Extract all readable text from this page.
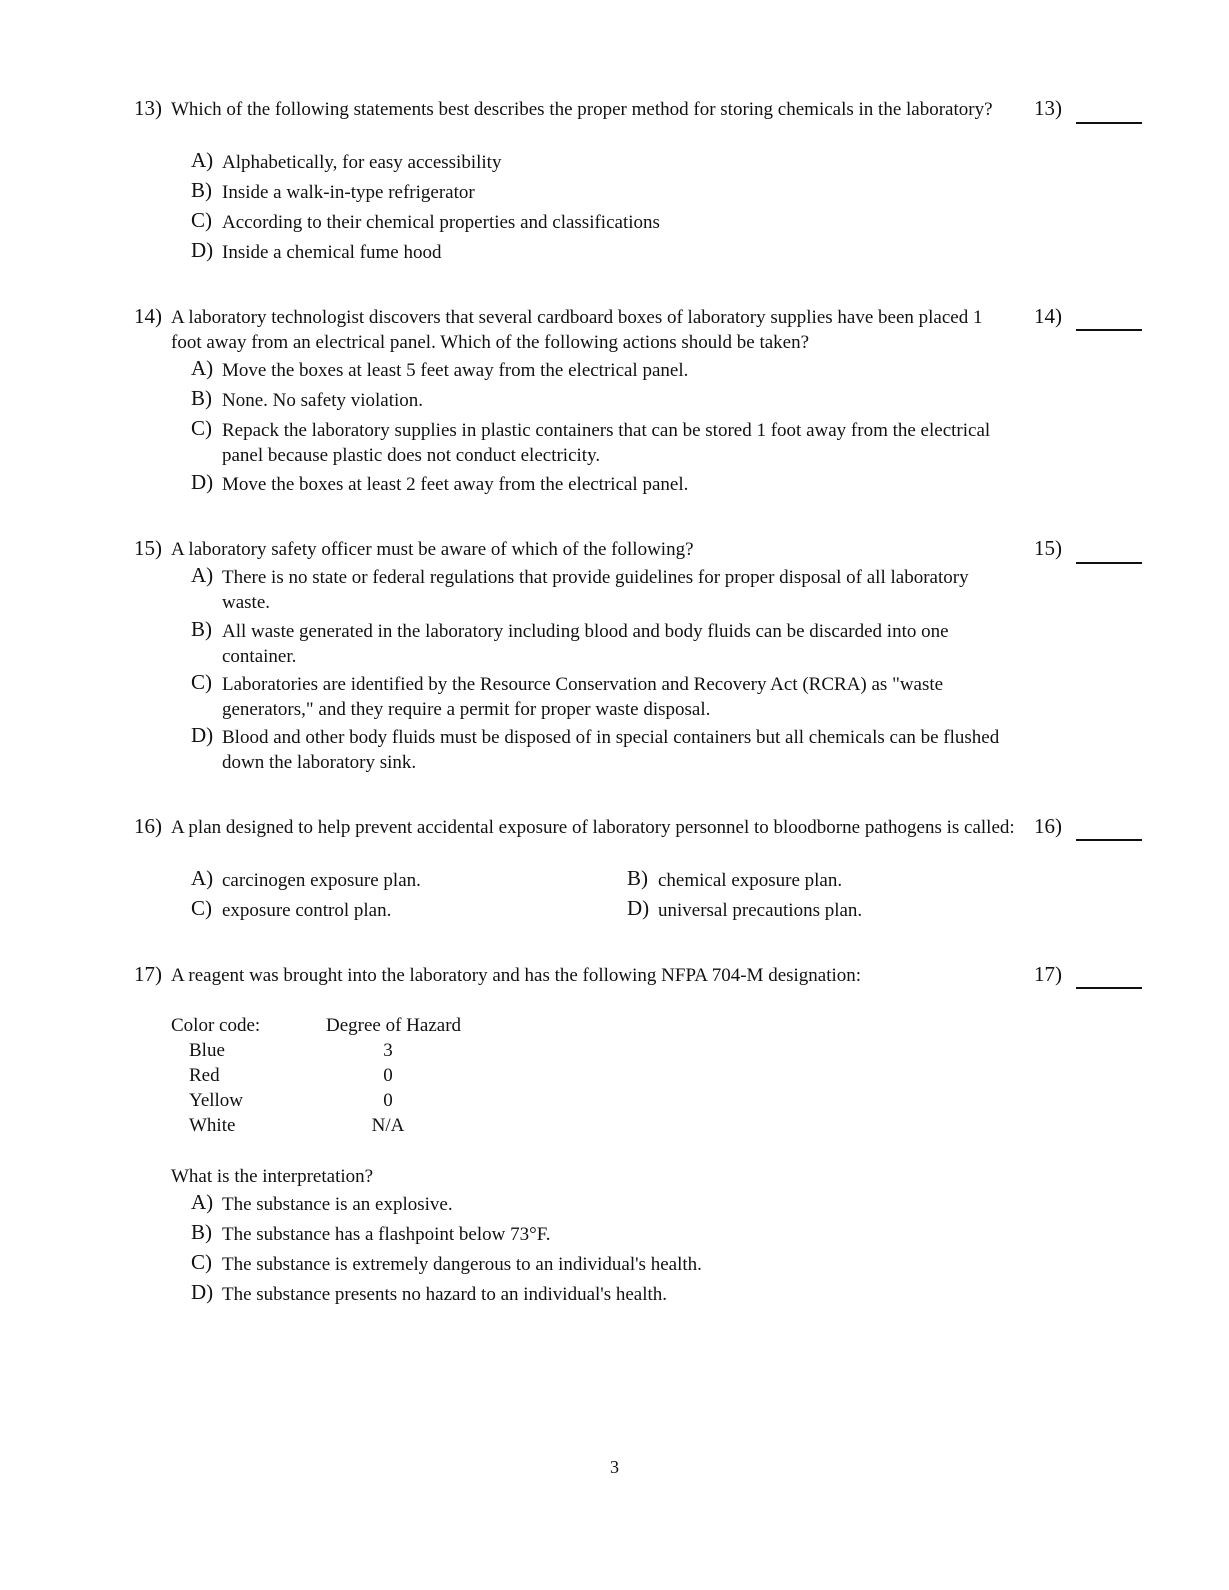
13) Which of the following statements best describes the proper method for storing chemicals in the laboratory?	13)
A) Alphabetically, for easy accessibility
B) Inside a walk-in-type refrigerator
C) According to their chemical properties and classifications
D) Inside a chemical fume hood
14) A laboratory technologist discovers that several cardboard boxes of laboratory supplies have been placed 1 foot away from an electrical panel. Which of the following actions should be taken?
14)
A) Move the boxes at least 5 feet away from the electrical panel.
B) None. No safety violation.
C) Repack the laboratory supplies in plastic containers that can be stored 1 foot away from the electrical panel because plastic does not conduct electricity.
D) Move the boxes at least 2 feet away from the electrical panel.
15) A laboratory safety officer must be aware of which of the following?	15)
A) There is no state or federal regulations that provide guidelines for proper disposal of all laboratory waste.
B) All waste generated in the laboratory including blood and body fluids can be discarded into one container.
C) Laboratories are identified by the Resource Conservation and Recovery Act (RCRA) as "waste generators," and they require a permit for proper waste disposal.
D) Blood and other body fluids must be disposed of in special containers but all chemicals can be flushed down the laboratory sink.
16) A plan designed to help prevent accidental exposure of laboratory personnel to bloodborne pathogens is called: 16)
A) carcinogen exposure plan.	B) chemical exposure plan.
C) exposure control plan.	D) universal precautions plan.
17) A reagent was brought into the laboratory and has the following NFPA 704-M designation:	17)
Color code:	Degree of Hazard
Blue	3
Red	0
Yellow	0
White	N/A
What is the interpretation?
A) The substance is an explosive.
B) The substance has a flashpoint below 73°F.
C) The substance is extremely dangerous to an individual's health.
D) The substance presents no hazard to an individual's health.
3
